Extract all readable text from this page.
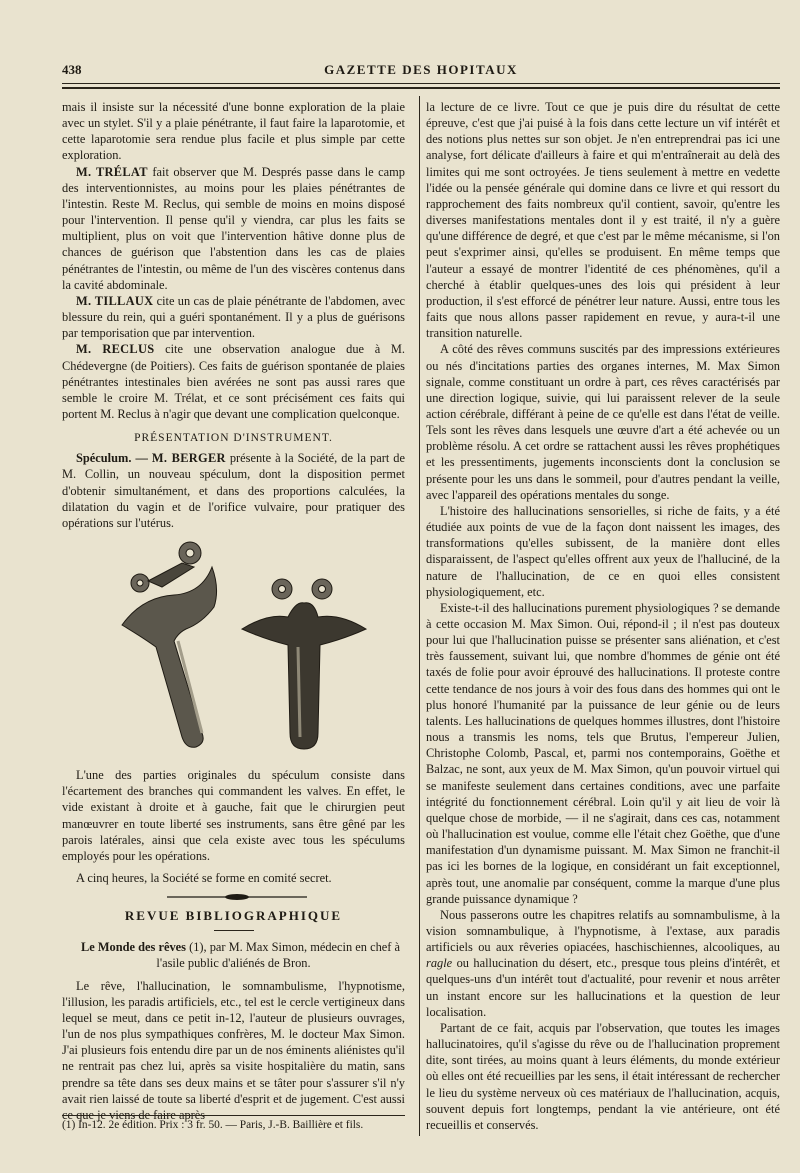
438	GAZETTE DES HOPITAUX

mais il insiste sur la nécessité d'une bonne exploration de la plaie avec un stylet. S'il y a plaie pénétrante, il faut faire la laparotomie, et cette laparotomie sera rendue plus facile et plus simple par cette exploration.

M. TRÉLAT fait observer que M. Després passe dans le camp des interventionnistes, au moins pour les plaies pénétrantes de l'intestin. Reste M. Reclus, qui semble de moins en moins disposé pour l'intervention. Il pense qu'il y viendra, car plus les faits se multiplient, plus on voit que l'intervention hâtive donne plus de chances de guérison que l'abstention dans les cas de plaies pénétrantes de l'intestin, ou même de l'un des viscères contenus dans la cavité abdominale.

M. TILLAUX cite un cas de plaie pénétrante de l'abdomen, avec blessure du rein, qui a guéri spontanément. Il y a plus de guérisons par temporisation que par intervention.

M. RECLUS cite une observation analogue due à M. Chédevergne (de Poitiers). Ces faits de guérison spontanée de plaies pénétrantes intestinales bien avérées ne sont pas aussi rares que semble le croire M. Trélat, et ce sont précisément ces faits qui portent M. Reclus à n'agir que devant une complication quelconque.

PRÉSENTATION D'INSTRUMENT.

Spéculum. — M. BERGER présente à la Société, de la part de M. Collin, un nouveau spéculum, dont la disposition permet d'obtenir simultanément, et dans des proportions calculées, la dilatation du vagin et de l'orifice vulvaire, pour pratiquer des opérations sur l'utérus.

L'une des parties originales du spéculum consiste dans l'écartement des branches qui commandent les valves. En effet, le vide existant à droite et à gauche, fait que le chirurgien peut manœuvrer en toute liberté ses instruments, sans être gêné par les parois latérales, ainsi que cela existe avec tous les spéculums employés pour les opérations.

A cinq heures, la Société se forme en comité secret.

REVUE BIBLIOGRAPHIQUE

Le Monde des rêves (1), par M. Max Simon, médecin en chef à l'asile public d'aliénés de Bron.

Le rêve, l'hallucination, le somnambulisme, l'hypnotisme, l'illusion, les paradis artificiels, etc., tel est le cercle vertigineux dans lequel se meut, dans ce petit in-12, l'auteur de plusieurs ouvrages, l'un de nos plus sympathiques confrères, M. le docteur Max Simon. J'ai plusieurs fois entendu dire par un de nos éminents aliénistes qu'il ne rentrait pas chez lui, après sa visite hospitalière du matin, sans prendre sa tête dans ses deux mains et se tâter pour s'assurer s'il n'y avait rien laissé de toute sa liberté d'esprit et de jugement. C'est aussi ce que je viens de faire après

(1) In-12. 2e édition. Prix : 3 fr. 50. — Paris, J.-B. Baillière et fils.

la lecture de ce livre. Tout ce que je puis dire du résultat de cette épreuve, c'est que j'ai puisé à la fois dans cette lecture un vif intérêt et des notions plus nettes sur son objet. Je n'en entreprendrai pas ici une analyse, fort délicate d'ailleurs à faire et qui m'entraînerait au delà des limites qui me sont octroyées. Je tiens seulement à mettre en vedette l'idée ou la pensée générale qui domine dans ce livre et qui ressort du rapprochement des faits nombreux qu'il contient, savoir, qu'entre les diverses manifestations mentales dont il y est traité, il n'y a guère qu'une différence de degré, et que c'est par le même mécanisme, si l'on peut s'exprimer ainsi, qu'elles se produisent. En même temps que l'auteur a essayé de montrer l'identité de ces phénomènes, qu'il a cherché à établir quelques-unes des lois qui président à leur production, il s'est efforcé de pénétrer leur nature. Aussi, entre tous les faits que nous allons passer rapidement en revue, y aura-t-il une transition naturelle.

A côté des rêves communs suscités par des impressions extérieures ou nés d'incitations parties des organes internes, M. Max Simon signale, comme constituant un ordre à part, ces rêves caractérisés par une direction logique, suivie, qui lui paraissent relever de la seule action cérébrale, différant à peine de ce qu'elle est dans l'état de veille. Tels sont les rêves dans lesquels une œuvre d'art a été achevée ou un problème résolu. A cet ordre se rattachent aussi les rêves prophétiques et les pressentiments, jugements inconscients dont la conclusion se présente pour les uns dans le sommeil, pour d'autres pendant la veille, avec l'appareil des opérations mentales du songe.

L'histoire des hallucinations sensorielles, si riche de faits, y a été étudiée aux points de vue de la façon dont naissent les images, des transformations qu'elles subissent, de la manière dont elles disparaissent, de l'aspect qu'elles offrent aux yeux de l'halluciné, de la nature de l'hallucination, de ce en quoi elles consistent physiologiquement, etc.

Existe-t-il des hallucinations purement physiologiques ? se demande à cette occasion M. Max Simon. Oui, répond-il ; il n'est pas douteux pour lui que l'hallucination puisse se présenter sans aliénation, et c'est très faussement, suivant lui, que nombre d'hommes de génie ont été taxés de folie pour avoir éprouvé des hallucinations. Il proteste contre cette tendance de nos jours à voir des fous dans des hommes qui ont le plus honoré l'humanité par la puissance de leur génie ou de leurs talents. Les hallucinations de quelques hommes illustres, dont l'histoire nous a transmis les noms, tels que Brutus, l'empereur Julien, Christophe Colomb, Pascal, et, parmi nos contemporains, Goëthe et Balzac, ne sont, aux yeux de M. Max Simon, qu'un pouvoir virtuel qui se manifeste seulement dans certaines conditions, avec une parfaite intégrité du fonctionnement cérébral. Loin qu'il y ait lieu de voir là quelque chose de morbide, — il ne s'agirait, dans ces cas, notamment où l'hallucination est voulue, comme elle l'était chez Goëthe, que d'une manifestation d'un dynamisme puissant. M. Max Simon ne franchit-il pas ici les bornes de la logique, en considérant un fait exceptionnel, après tout, une anomalie par conséquent, comme la marque d'une plus grande puissance dynamique ?

Nous passerons outre les chapitres relatifs au somnambulisme, à la vision somnambulique, à l'hypnotisme, à l'extase, aux paradis artificiels ou aux rêveries opiacées, haschischiennes, alcooliques, au ragle ou hallucination du désert, etc., presque tous pleins d'intérêt, et quelques-uns d'un intérêt tout d'actualité, pour revenir et nous arrêter un instant encore sur les hallucinations et la question de leur localisation.

Partant de ce fait, acquis par l'observation, que toutes les images hallucinatoires, qu'il s'agisse du rêve ou de l'hallucination proprement dite, sont tirées, au moins quant à leurs éléments, du monde extérieur où elles ont été recueillies par les sens, il était intéressant de rechercher le lieu du système nerveux où ces matériaux de l'hallucination, acquis, souvent depuis fort longtemps, pendant la vie antérieure, ont été recueillis et conservés.
